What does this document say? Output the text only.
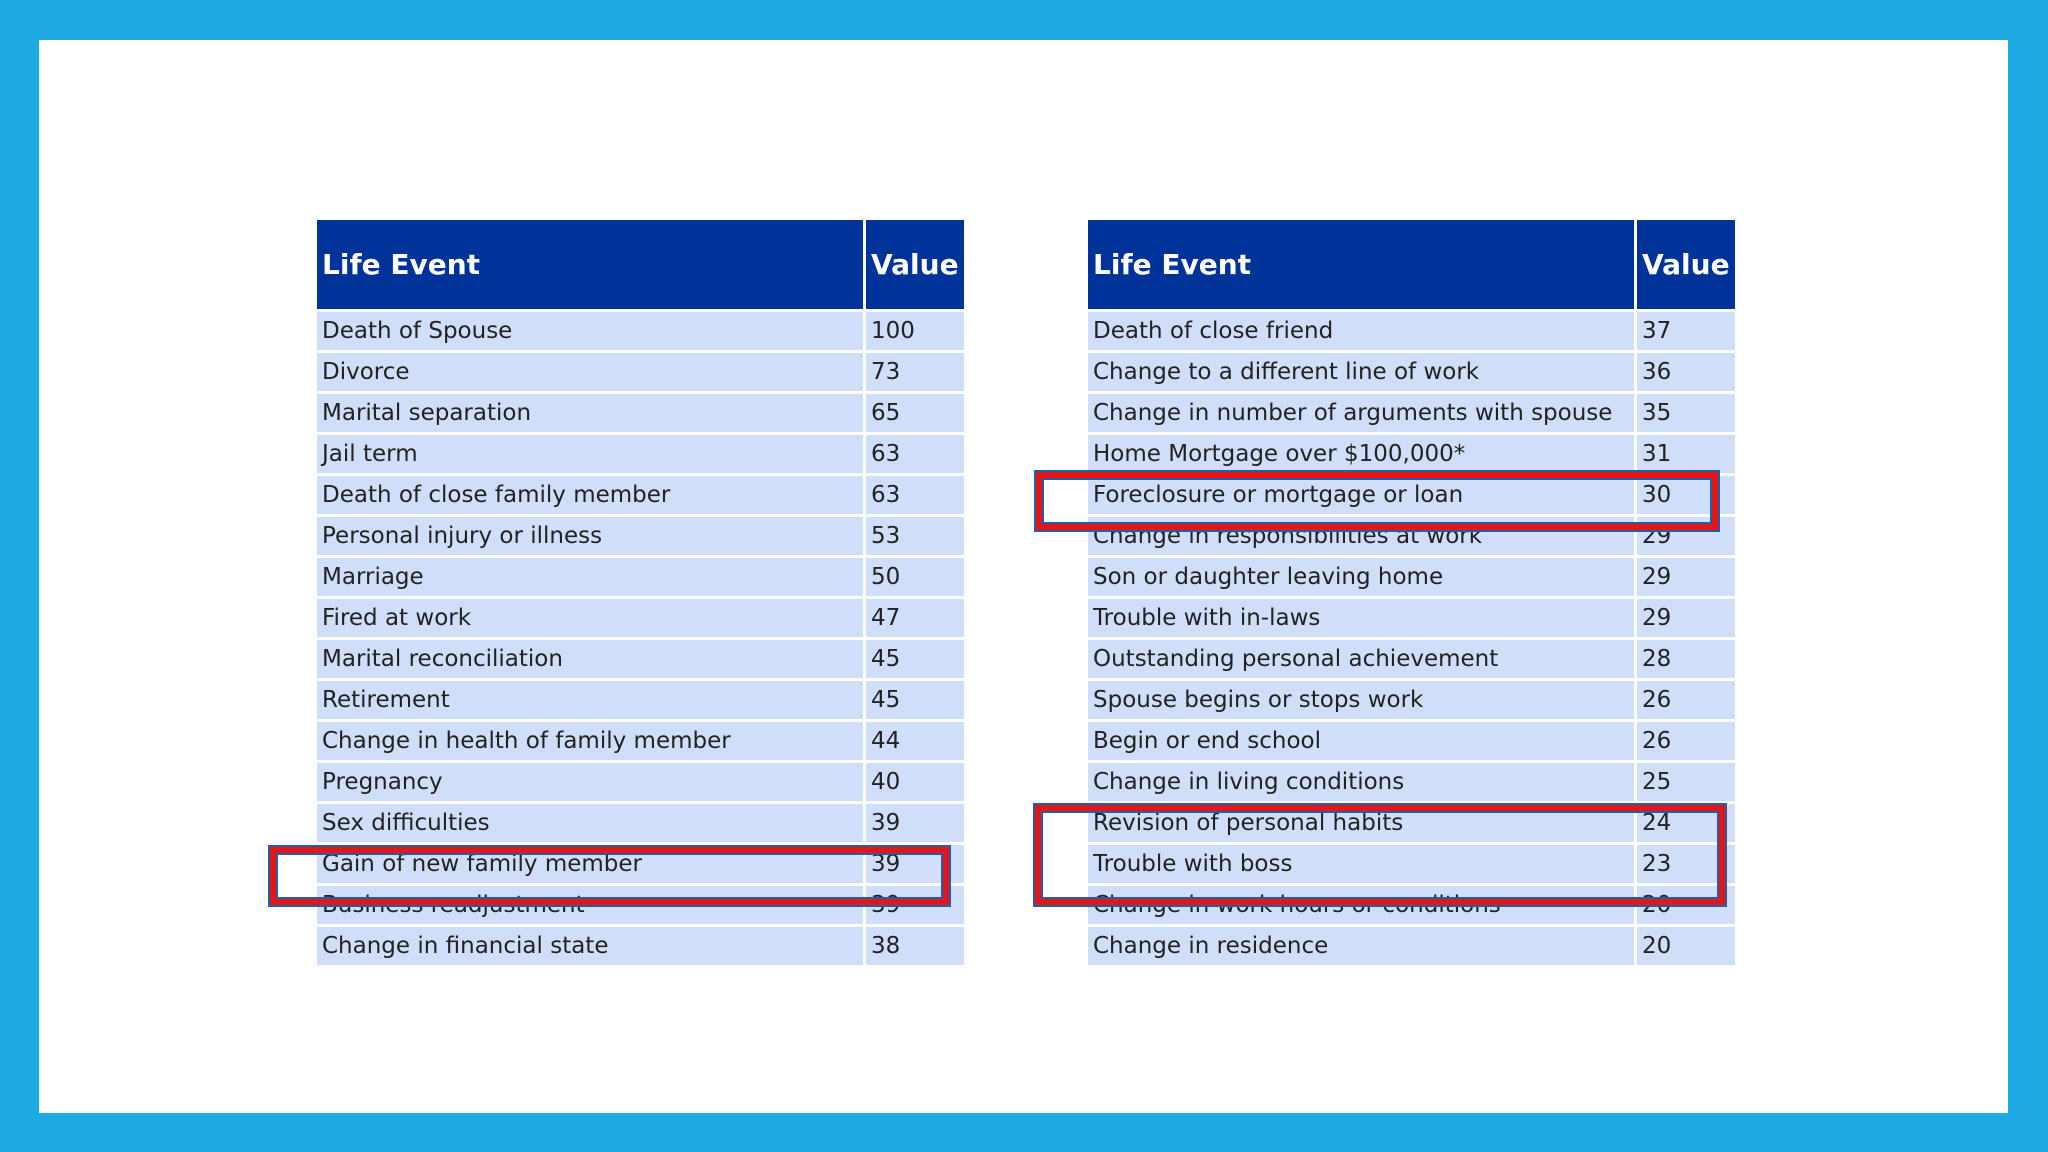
Life Event	Value
Death of Spouse	100
Divorce	73
Marital separation	65
Jail term	63
Death of close family member	63
Personal injury or illness	53
Marriage	50
Fired at work	47
Marital reconciliation	45
Retirement	45
Change in health of family member	44
Pregnancy	40
Sex difficulties	39
Gain of new family member	39
Business readjustment	39
Change in financial state	38
Life Event	Value
Death of close friend	37
Change to a different line of work	36
Change in number of arguments with spouse	35
Home Mortgage over $100,000*	31
Foreclosure or mortgage or loan	30
Change in responsibilities at work	29
Son or daughter leaving home	29
Trouble with in-laws	29
Outstanding personal achievement	28
Spouse begins or stops work	26
Begin or end school	26
Change in living conditions	25
Revision of personal habits	24
Trouble with boss	23
Change in work hours or conditions	20
Change in residence	20
